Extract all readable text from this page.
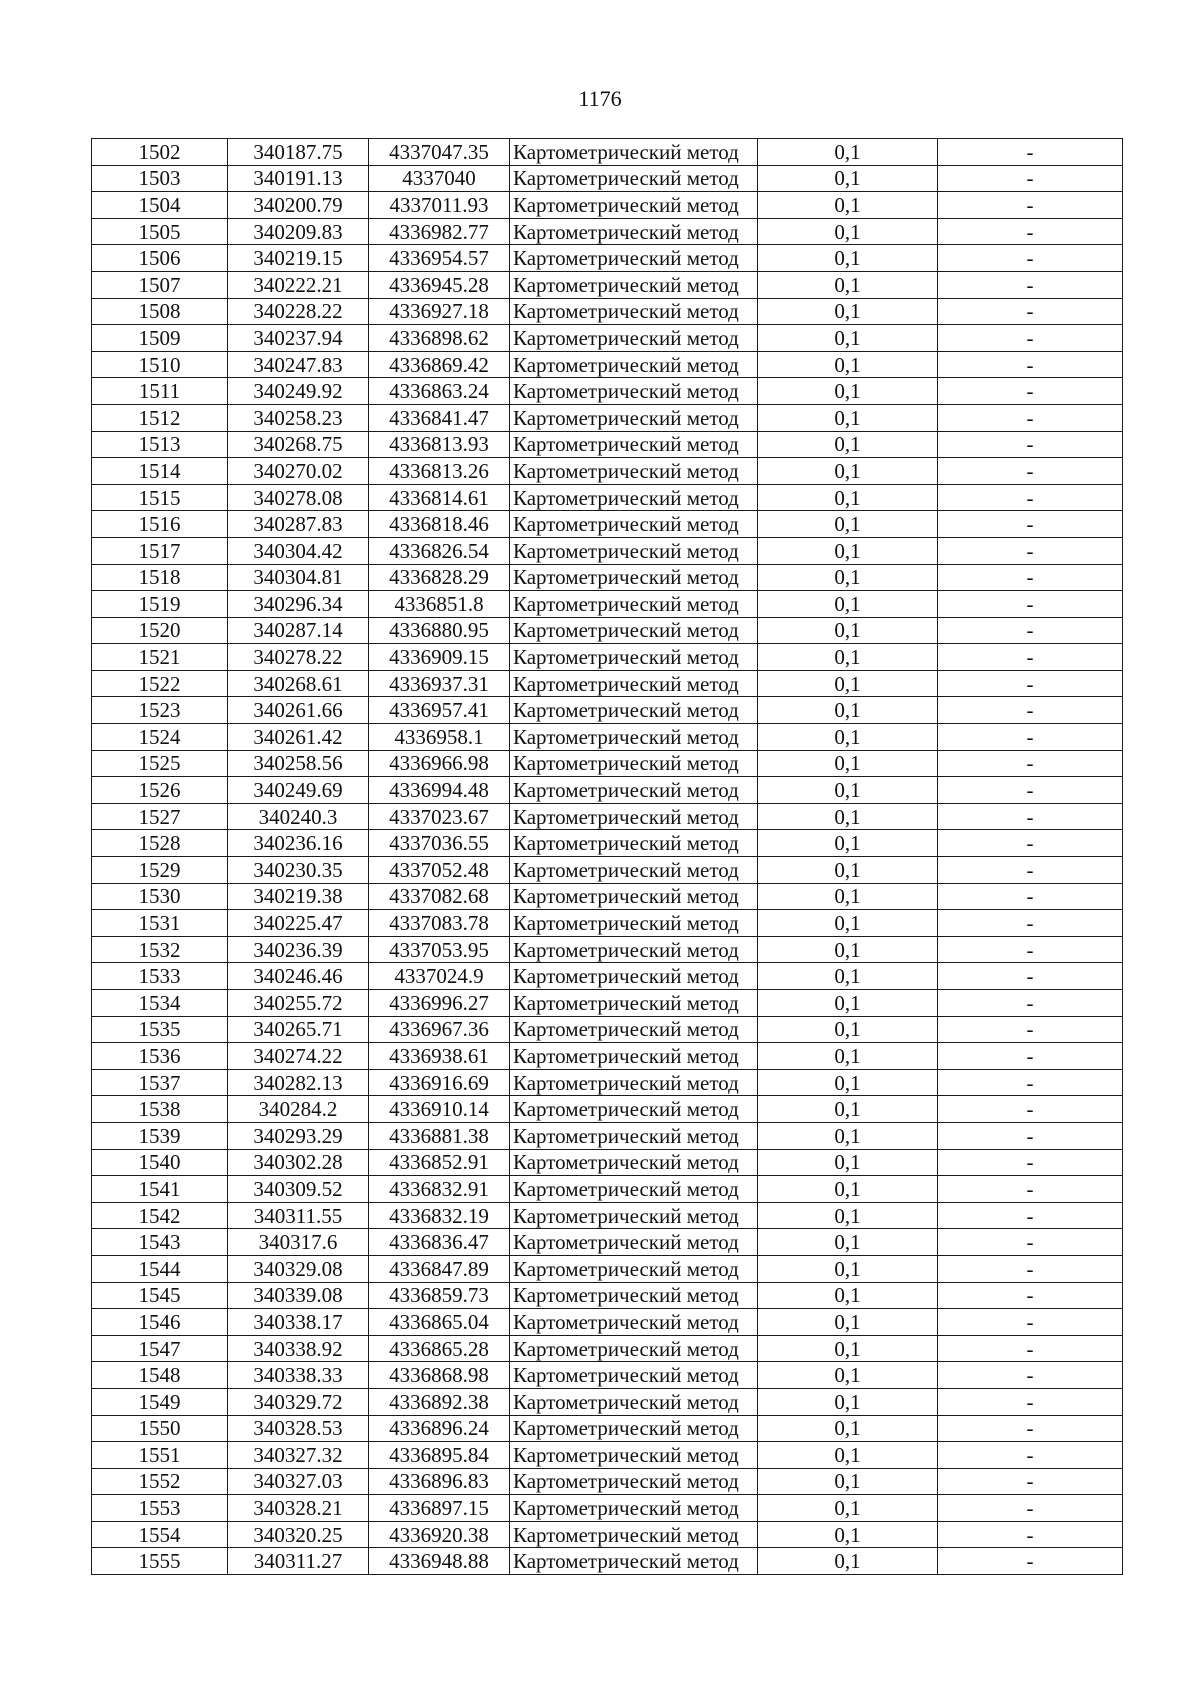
1176
1502	340187.75	4337047.35	Картометрический метод	0,1	-
1503	340191.13	4337040	Картометрический метод	0,1	-
1504	340200.79	4337011.93	Картометрический метод	0,1	-
1505	340209.83	4336982.77	Картометрический метод	0,1	-
1506	340219.15	4336954.57	Картометрический метод	0,1	-
1507	340222.21	4336945.28	Картометрический метод	0,1	-
1508	340228.22	4336927.18	Картометрический метод	0,1	-
1509	340237.94	4336898.62	Картометрический метод	0,1	-
1510	340247.83	4336869.42	Картометрический метод	0,1	-
1511	340249.92	4336863.24	Картометрический метод	0,1	-
1512	340258.23	4336841.47	Картометрический метод	0,1	-
1513	340268.75	4336813.93	Картометрический метод	0,1	-
1514	340270.02	4336813.26	Картометрический метод	0,1	-
1515	340278.08	4336814.61	Картометрический метод	0,1	-
1516	340287.83	4336818.46	Картометрический метод	0,1	-
1517	340304.42	4336826.54	Картометрический метод	0,1	-
1518	340304.81	4336828.29	Картометрический метод	0,1	-
1519	340296.34	4336851.8	Картометрический метод	0,1	-
1520	340287.14	4336880.95	Картометрический метод	0,1	-
1521	340278.22	4336909.15	Картометрический метод	0,1	-
1522	340268.61	4336937.31	Картометрический метод	0,1	-
1523	340261.66	4336957.41	Картометрический метод	0,1	-
1524	340261.42	4336958.1	Картометрический метод	0,1	-
1525	340258.56	4336966.98	Картометрический метод	0,1	-
1526	340249.69	4336994.48	Картометрический метод	0,1	-
1527	340240.3	4337023.67	Картометрический метод	0,1	-
1528	340236.16	4337036.55	Картометрический метод	0,1	-
1529	340230.35	4337052.48	Картометрический метод	0,1	-
1530	340219.38	4337082.68	Картометрический метод	0,1	-
1531	340225.47	4337083.78	Картометрический метод	0,1	-
1532	340236.39	4337053.95	Картометрический метод	0,1	-
1533	340246.46	4337024.9	Картометрический метод	0,1	-
1534	340255.72	4336996.27	Картометрический метод	0,1	-
1535	340265.71	4336967.36	Картометрический метод	0,1	-
1536	340274.22	4336938.61	Картометрический метод	0,1	-
1537	340282.13	4336916.69	Картометрический метод	0,1	-
1538	340284.2	4336910.14	Картометрический метод	0,1	-
1539	340293.29	4336881.38	Картометрический метод	0,1	-
1540	340302.28	4336852.91	Картометрический метод	0,1	-
1541	340309.52	4336832.91	Картометрический метод	0,1	-
1542	340311.55	4336832.19	Картометрический метод	0,1	-
1543	340317.6	4336836.47	Картометрический метод	0,1	-
1544	340329.08	4336847.89	Картометрический метод	0,1	-
1545	340339.08	4336859.73	Картометрический метод	0,1	-
1546	340338.17	4336865.04	Картометрический метод	0,1	-
1547	340338.92	4336865.28	Картометрический метод	0,1	-
1548	340338.33	4336868.98	Картометрический метод	0,1	-
1549	340329.72	4336892.38	Картометрический метод	0,1	-
1550	340328.53	4336896.24	Картометрический метод	0,1	-
1551	340327.32	4336895.84	Картометрический метод	0,1	-
1552	340327.03	4336896.83	Картометрический метод	0,1	-
1553	340328.21	4336897.15	Картометрический метод	0,1	-
1554	340320.25	4336920.38	Картометрический метод	0,1	-
1555	340311.27	4336948.88	Картометрический метод	0,1	-
